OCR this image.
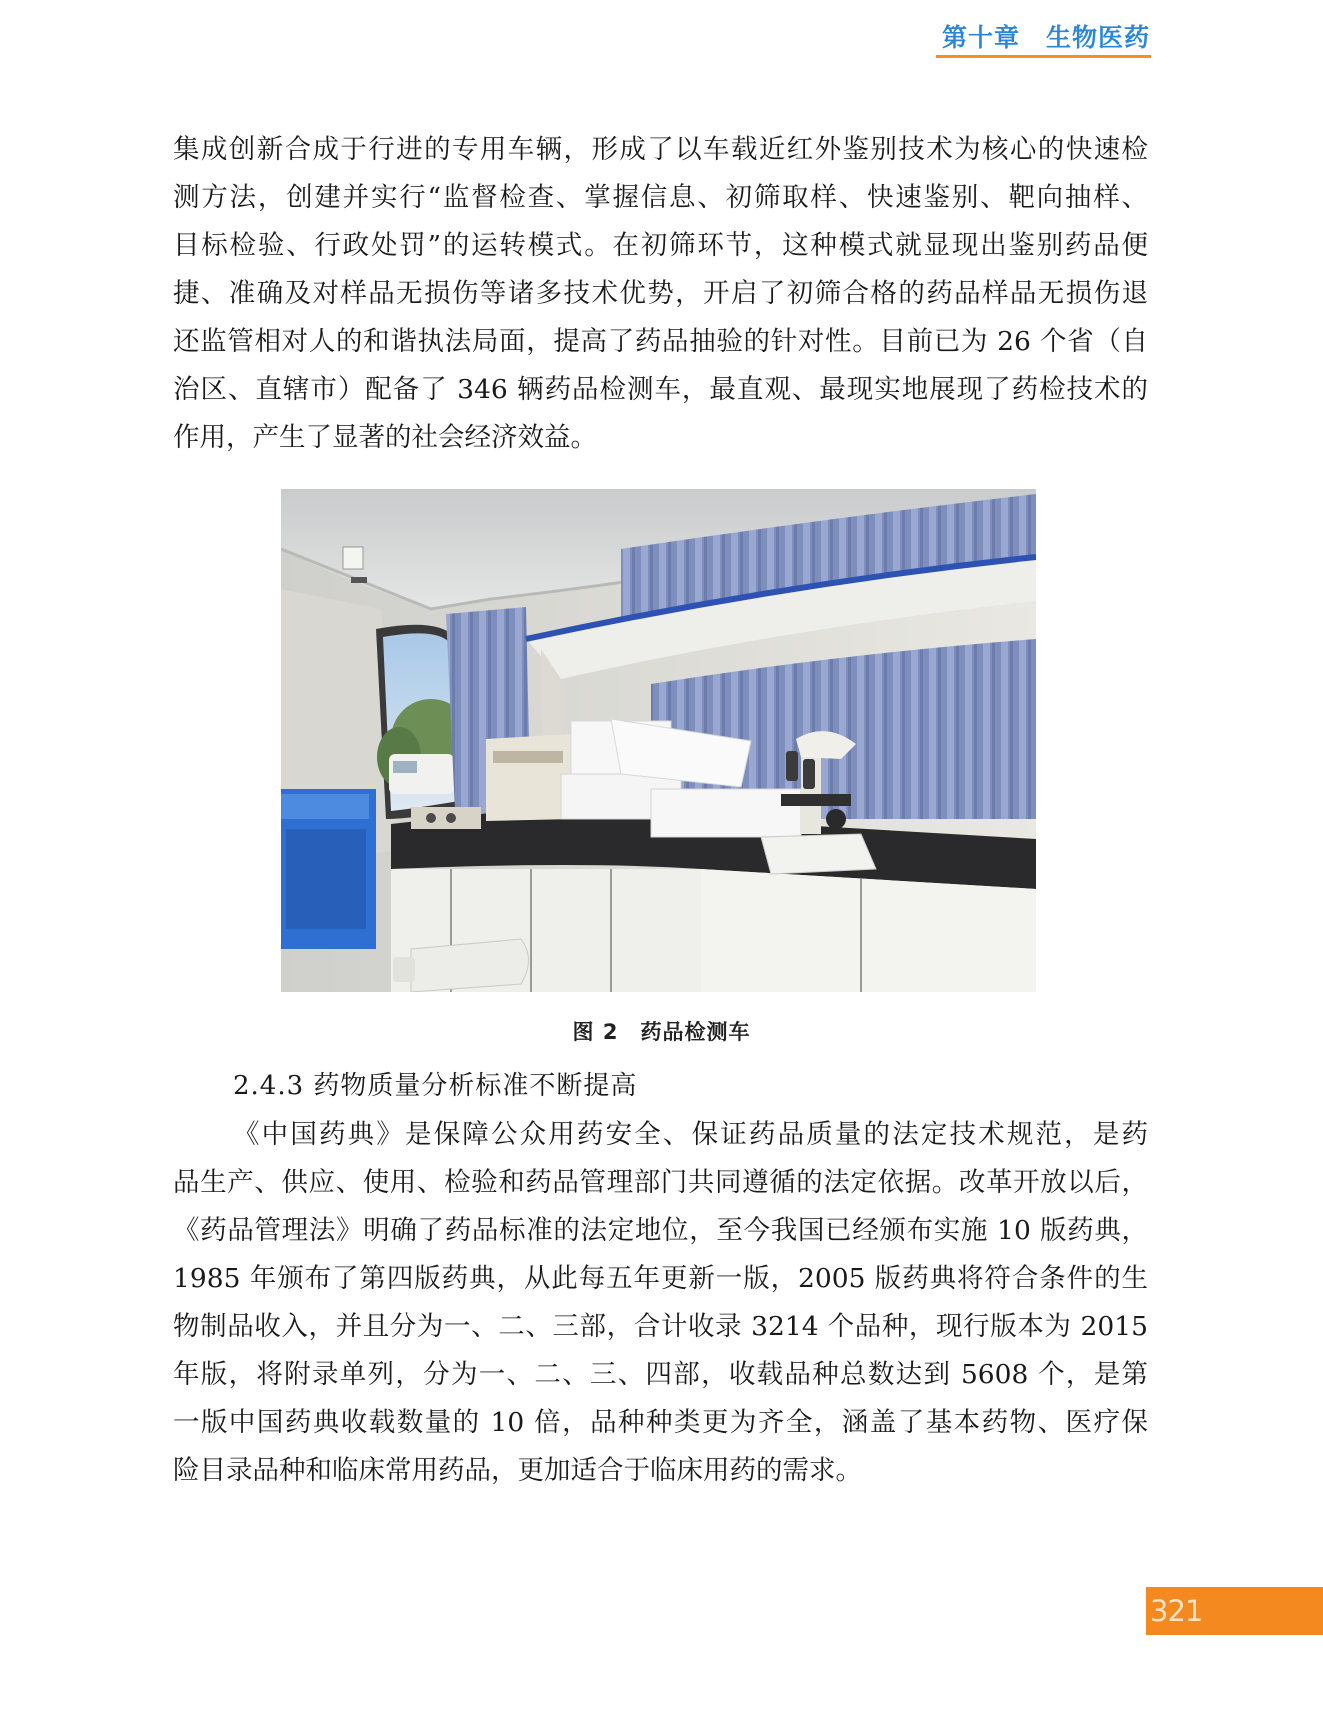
第十章　生物医药
集成创新合成于行进的专用车辆，形成了以车载近红外鉴别技术为核心的快速检
测方法，创建并实行“监督检查、掌握信息、初筛取样、快速鉴别、靶向抽样、
目标检验、行政处罚”的运转模式。在初筛环节，这种模式就显现出鉴别药品便
捷、准确及对样品无损伤等诸多技术优势，开启了初筛合格的药品样品无损伤退
还监管相对人的和谐执法局面，提高了药品抽验的针对性。目前已为 26 个省（自
治区、直辖市）配备了 346 辆药品检测车，最直观、最现实地展现了药检技术的
作用，产生了显著的社会经济效益。
图 2　药品检测车
2.4.3 药物质量分析标准不断提高
《中国药典》是保障公众用药安全、保证药品质量的法定技术规范，是药
品生产、供应、使用、检验和药品管理部门共同遵循的法定依据。改革开放以后，
《药品管理法》明确了药品标准的法定地位，至今我国已经颁布实施 10 版药典，
1985 年颁布了第四版药典，从此每五年更新一版，2005 版药典将符合条件的生
物制品收入，并且分为一、二、三部，合计收录 3214 个品种，现行版本为 2015
年版，将附录单列，分为一、二、三、四部，收载品种总数达到 5608 个，是第
一版中国药典收载数量的 10 倍，品种种类更为齐全，涵盖了基本药物、医疗保
险目录品种和临床常用药品，更加适合于临床用药的需求。
321
